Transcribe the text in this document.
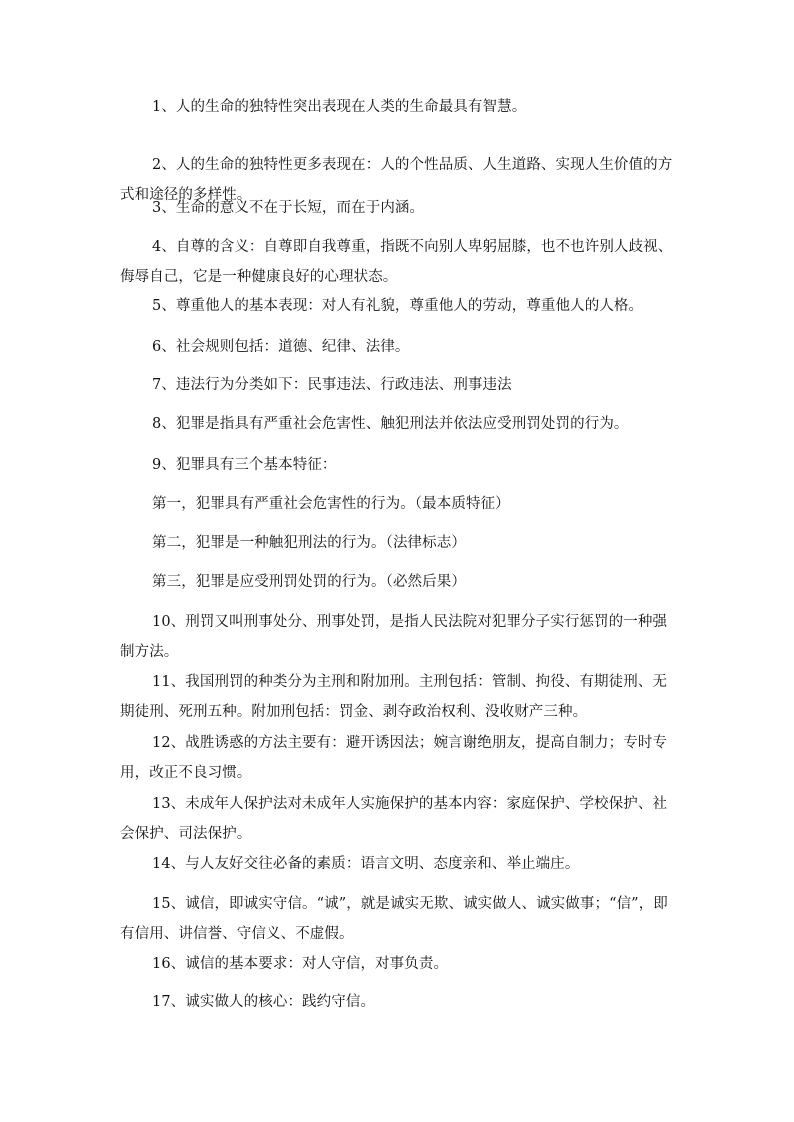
1、人的生命的独特性突出表现在人类的生命最具有智慧。

2、人的生命的独特性更多表现在：人的个性品质、人生道路、实现人生价值的方式和途径的多样性。

3、生命的意义不在于长短，而在于内涵。

4、自尊的含义：自尊即自我尊重，指既不向别人卑躬屈膝，也不也许别人歧视、侮辱自己，它是一种健康良好的心理状态。

5、尊重他人的基本表现：对人有礼貌，尊重他人的劳动，尊重他人的人格。

6、社会规则包括：道德、纪律、法律。

7、违法行为分类如下：民事违法、行政违法、刑事违法

8、犯罪是指具有严重社会危害性、触犯刑法并依法应受刑罚处罚的行为。

9、犯罪具有三个基本特征：

第一，犯罪具有严重社会危害性的行为。（最本质特征）

第二，犯罪是一种触犯刑法的行为。（法律标志）

第三，犯罪是应受刑罚处罚的行为。（必然后果）

10、刑罚又叫刑事处分、刑事处罚，是指人民法院对犯罪分子实行惩罚的一种强制方法。

11、我国刑罚的种类分为主刑和附加刑。主刑包括：管制、拘役、有期徒刑、无期徒刑、死刑五种。附加刑包括：罚金、剥夺政治权利、没收财产三种。

12、战胜诱惑的方法主要有：避开诱因法；婉言谢绝朋友，提高自制力；专时专用，改正不良习惯。

13、未成年人保护法对未成年人实施保护的基本内容：家庭保护、学校保护、社会保护、司法保护。

14、与人友好交往必备的素质：语言文明、态度亲和、举止端庄。

15、诚信，即诚实守信。“诚”，就是诚实无欺、诚实做人、诚实做事；“信”，即有信用、讲信誉、守信义、不虚假。

16、诚信的基本要求：对人守信，对事负责。

17、诚实做人的核心：践约守信。
